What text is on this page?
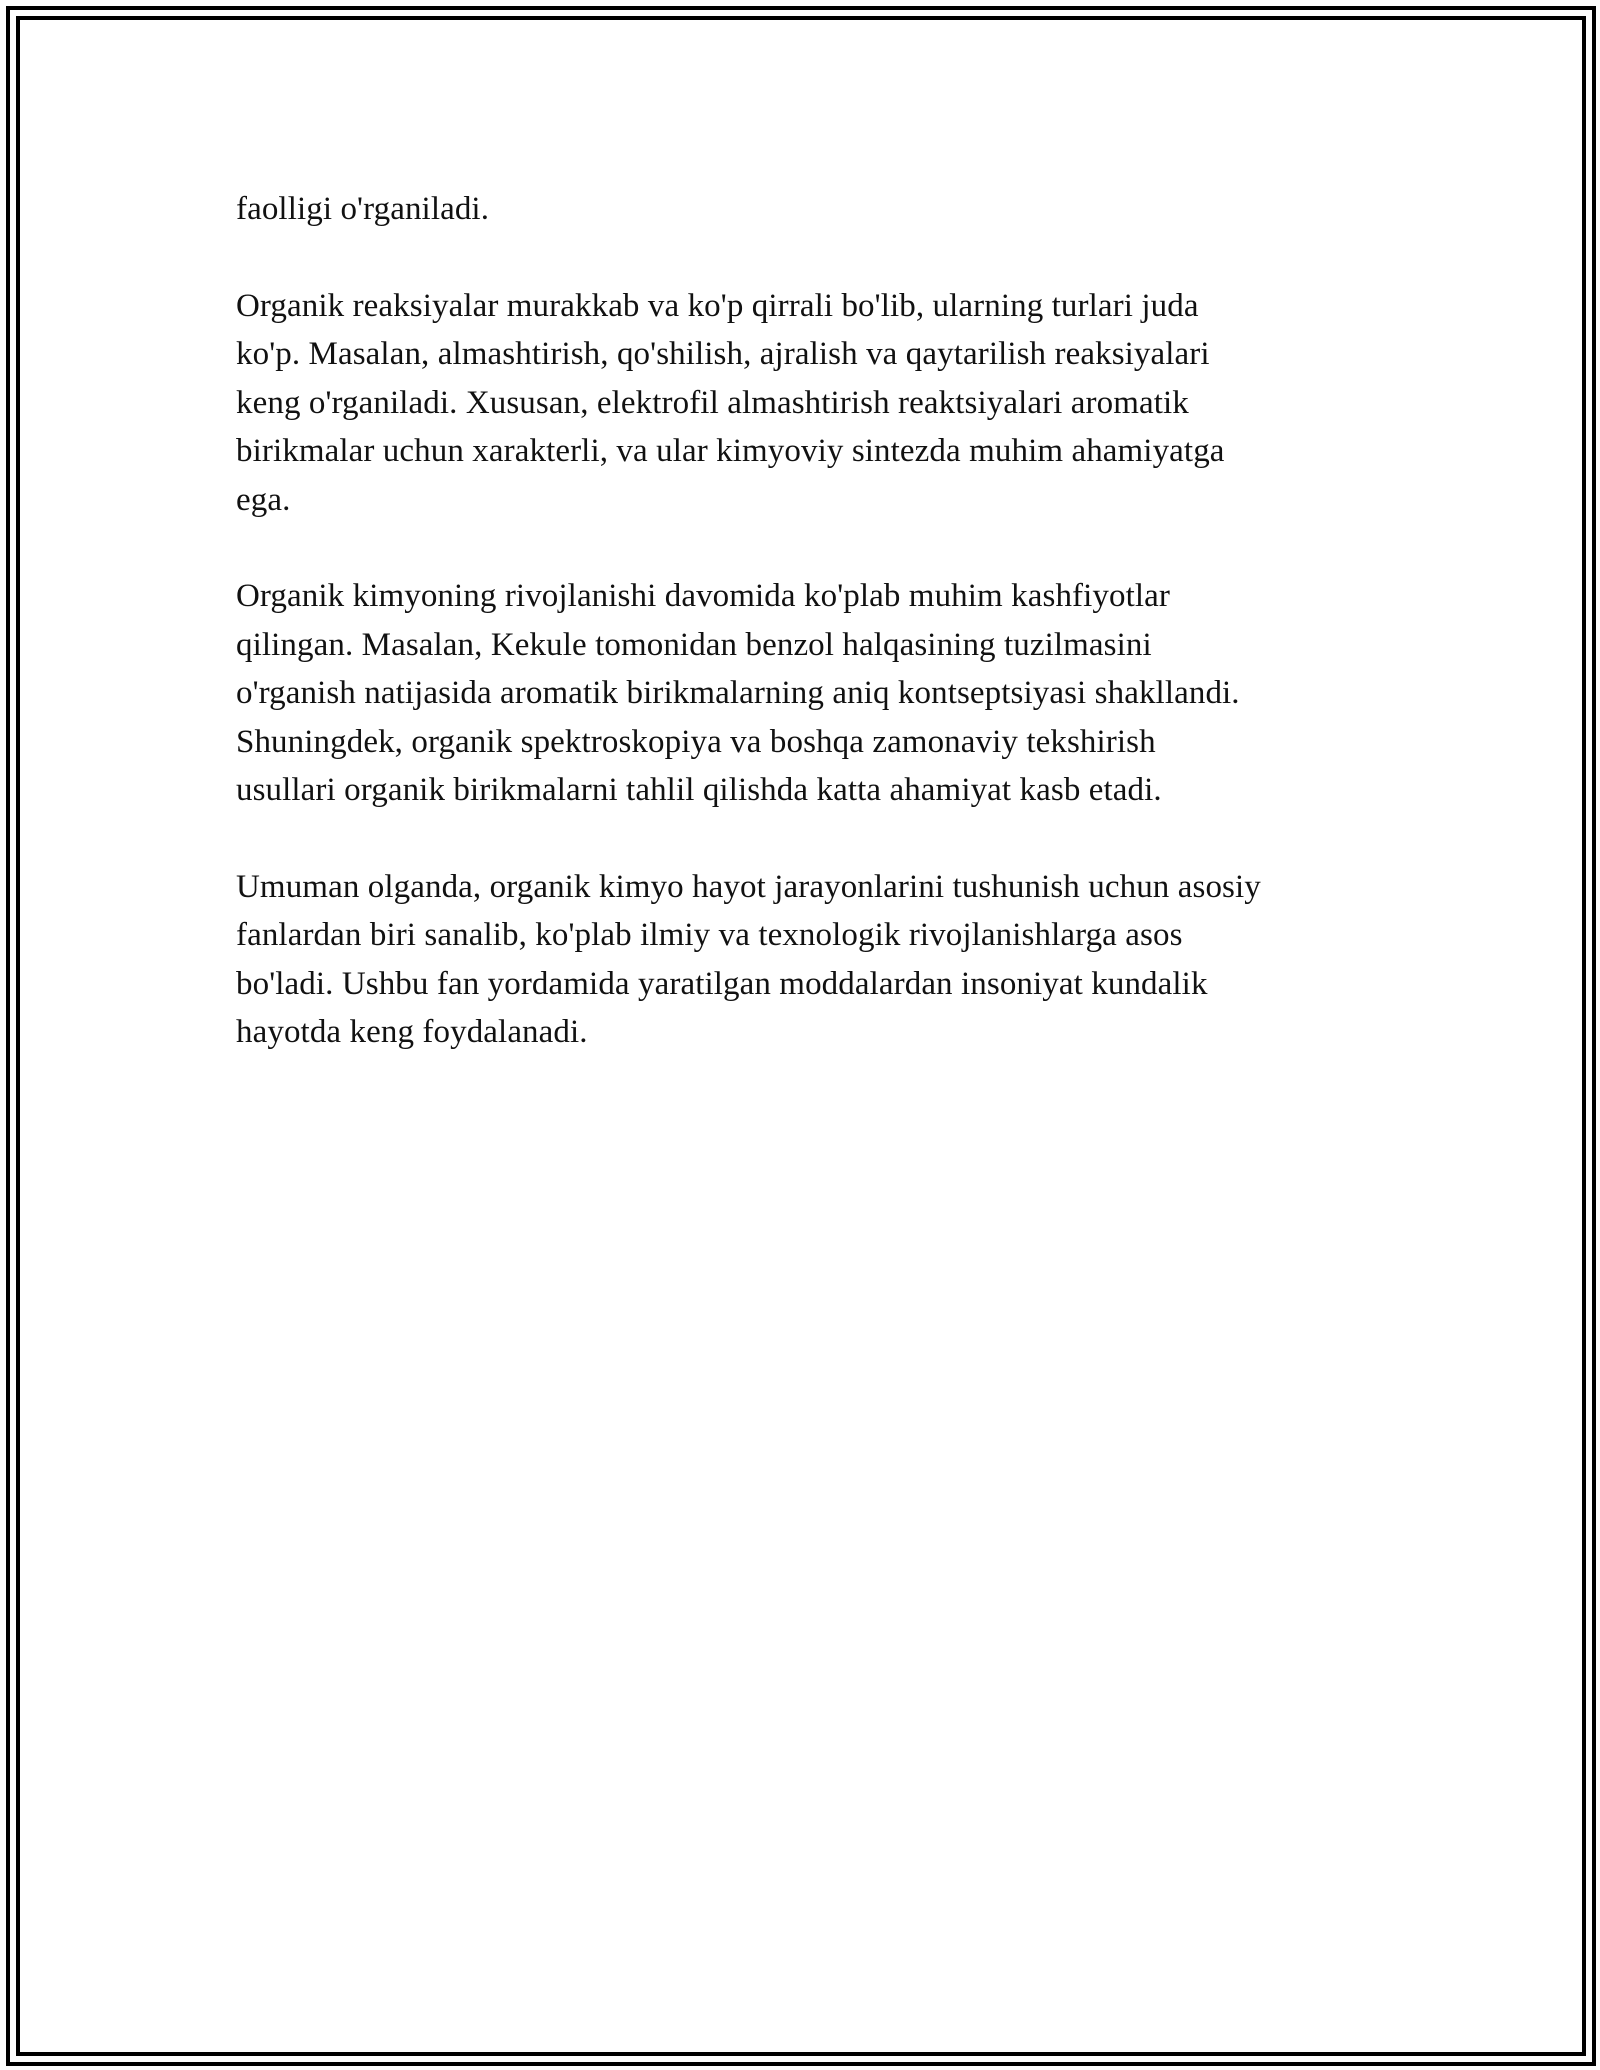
faolligi o'rganiladi.

Organik reaksiyalar murakkab va ko'p qirrali bo'lib, ularning turlari juda
ko'p. Masalan, almashtirish, qo'shilish, ajralish va qaytarilish reaksiyalari
keng o'rganiladi. Xususan, elektrofil almashtirish reaktsiyalari aromatik
birikmalar uchun xarakterli, va ular kimyoviy sintezda muhim ahamiyatga
ega.

Organik kimyoning rivojlanishi davomida ko'plab muhim kashfiyotlar
qilingan. Masalan, Kekule tomonidan benzol halqasining tuzilmasini
o'rganish natijasida aromatik birikmalarning aniq kontseptsiyasi shakllandi.
Shuningdek, organik spektroskopiya va boshqa zamonaviy tekshirish
usullari organik birikmalarni tahlil qilishda katta ahamiyat kasb etadi.

Umuman olganda, organik kimyo hayot jarayonlarini tushunish uchun asosiy
fanlardan biri sanalib, ko'plab ilmiy va texnologik rivojlanishlarga asos
bo'ladi. Ushbu fan yordamida yaratilgan moddalardan insoniyat kundalik
hayotda keng foydalanadi.
